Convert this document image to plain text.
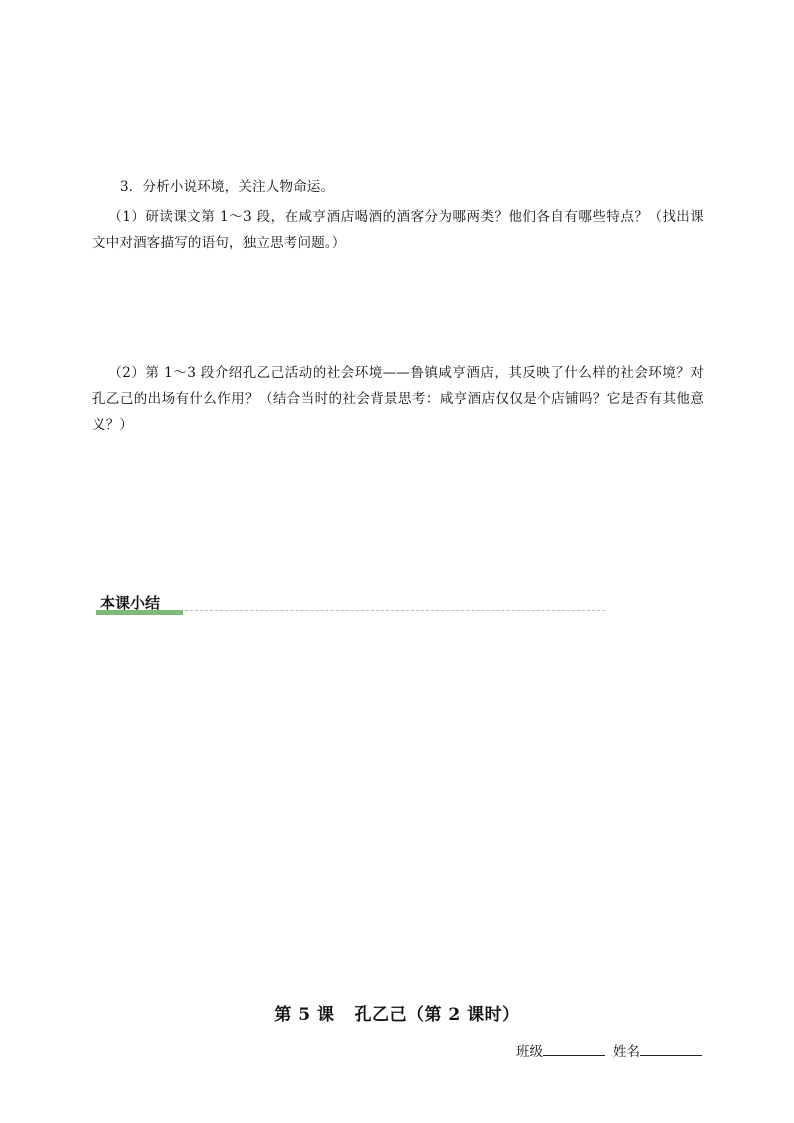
3．分析小说环境，关注人物命运。
（1）研读课文第 1～3 段，在咸亨酒店喝酒的酒客分为哪两类？他们各自有哪些特点？（找出课文中对酒客描写的语句，独立思考问题。）
（2）第 1～3 段介绍孔乙己活动的社会环境——鲁镇咸亨酒店，其反映了什么样的社会环境？对孔乙己的出场有什么作用？（结合当时的社会背景思考：咸亨酒店仅仅是个店铺吗？它是否有其他意义？）
本课小结
第 5 课 孔乙己（第 2 课时）
班级	姓名
